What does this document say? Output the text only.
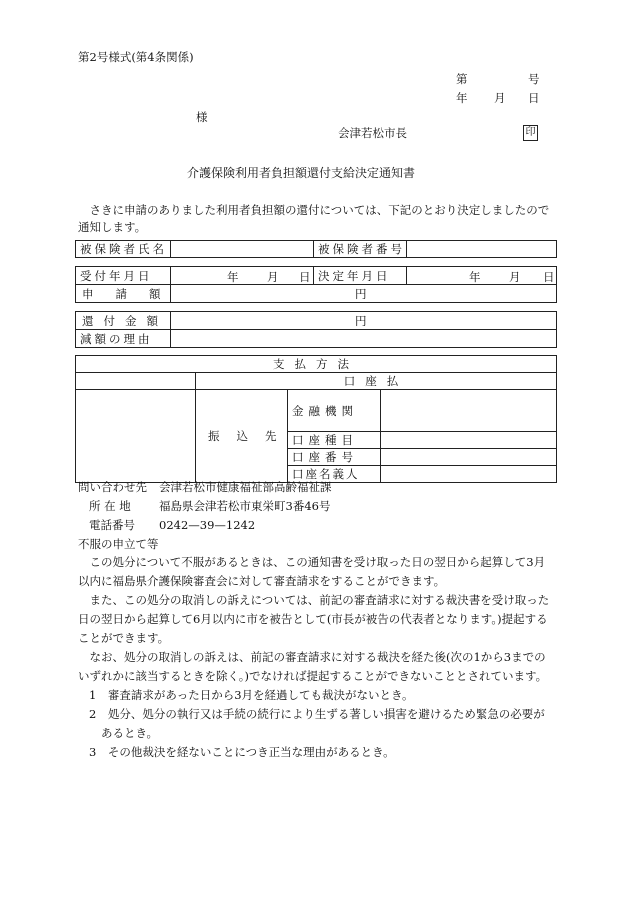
第2号様式(第4条関係)
第	号
年 月 日
様
会津若松市長	印
介護保険利用者負担額還付支給決定通知書

さきに申請のありました利用者負担額の還付については、下記のとおり決定しましたので通知します。

被保険者氏名		被保険者番号	
受付年月日	年 月 日	決定年月日	年 月 日

申請額	円		
還付金額	円
減額の理由	
支払方法			
	口座払		
	振込先	金融機関	
		口座種目	
		口座番号	
		口座名義人	
問い合わせ先 会津若松市健康福祉部高齢福祉課
所 在 地 福島県会津若松市東栄町3番46号
電話番号 0242—39—1242
不服の申立て等

この処分について不服があるときは、この通知書を受け取った日の翌日から起算して3月以内に福島県介護保険審査会に対して審査請求をすることができます。

また、この処分の取消しの訴えについては、前記の審査請求に対する裁決書を受け取った日の翌日から起算して6月以内に市を被告として(市長が被告の代表者となります。)提起することができます。

なお、処分の取消しの訴えは、前記の審査請求に対する裁決を経た後(次の1から3までのいずれかに該当するときを除く。)でなければ提起することができないこととされています。

1　審査請求があった日から3月を経過しても裁決がないとき。

2　処分、処分の執行又は手続の続行により生ずる著しい損害を避けるため緊急の必要があるとき。

3　その他裁決を経ないことにつき正当な理由があるとき。
